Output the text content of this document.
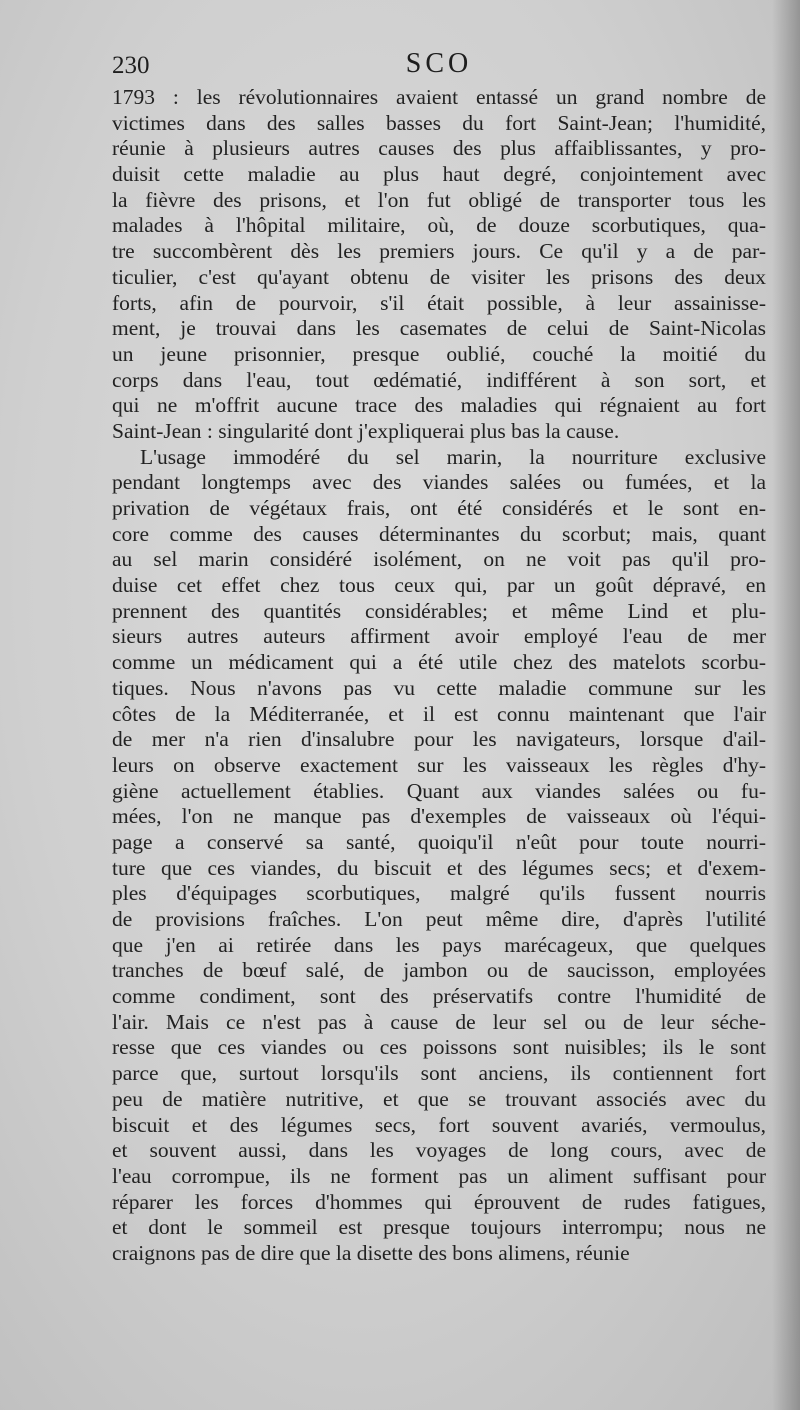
230	SCO
1793 : les révolutionnaires avaient entassé un grand nombre de
victimes dans des salles basses du fort Saint-Jean; l'humidité,
réunie à plusieurs autres causes des plus affaiblissantes, y pro-
duisit cette maladie au plus haut degré, conjointement avec
la fièvre des prisons, et l'on fut obligé de transporter tous les
malades à l'hôpital militaire, où, de douze scorbutiques, qua-
tre succombèrent dès les premiers jours. Ce qu'il y a de par-
ticulier, c'est qu'ayant obtenu de visiter les prisons des deux
forts, afin de pourvoir, s'il était possible, à leur assainisse-
ment, je trouvai dans les casemates de celui de Saint-Nicolas
un jeune prisonnier, presque oublié, couché la moitié du
corps dans l'eau, tout œdématié, indifférent à son sort, et
qui ne m'offrit aucune trace des maladies qui régnaient au fort
Saint-Jean : singularité dont j'expliquerai plus bas la cause.
L'usage immodéré du sel marin, la nourriture exclusive
pendant longtemps avec des viandes salées ou fumées, et la
privation de végétaux frais, ont été considérés et le sont en-
core comme des causes déterminantes du scorbut; mais, quant
au sel marin considéré isolément, on ne voit pas qu'il pro-
duise cet effet chez tous ceux qui, par un goût dépravé, en
prennent des quantités considérables; et même Lind et plu-
sieurs autres auteurs affirment avoir employé l'eau de mer
comme un médicament qui a été utile chez des matelots scorbu-
tiques. Nous n'avons pas vu cette maladie commune sur les
côtes de la Méditerranée, et il est connu maintenant que l'air
de mer n'a rien d'insalubre pour les navigateurs, lorsque d'ail-
leurs on observe exactement sur les vaisseaux les règles d'hy-
giène actuellement établies. Quant aux viandes salées ou fu-
mées, l'on ne manque pas d'exemples de vaisseaux où l'équi-
page a conservé sa santé, quoiqu'il n'eût pour toute nourri-
ture que ces viandes, du biscuit et des légumes secs; et d'exem-
ples d'équipages scorbutiques, malgré qu'ils fussent nourris
de provisions fraîches. L'on peut même dire, d'après l'utilité
que j'en ai retirée dans les pays marécageux, que quelques
tranches de bœuf salé, de jambon ou de saucisson, employées
comme condiment, sont des préservatifs contre l'humidité de
l'air. Mais ce n'est pas à cause de leur sel ou de leur séche-
resse que ces viandes ou ces poissons sont nuisibles; ils le sont
parce que, surtout lorsqu'ils sont anciens, ils contiennent fort
peu de matière nutritive, et que se trouvant associés avec du
biscuit et des légumes secs, fort souvent avariés, vermoulus,
et souvent aussi, dans les voyages de long cours, avec de
l'eau corrompue, ils ne forment pas un aliment suffisant pour
réparer les forces d'hommes qui éprouvent de rudes fatigues,
et dont le sommeil est presque toujours interrompu; nous ne
craignons pas de dire que la disette des bons alimens, réunie
